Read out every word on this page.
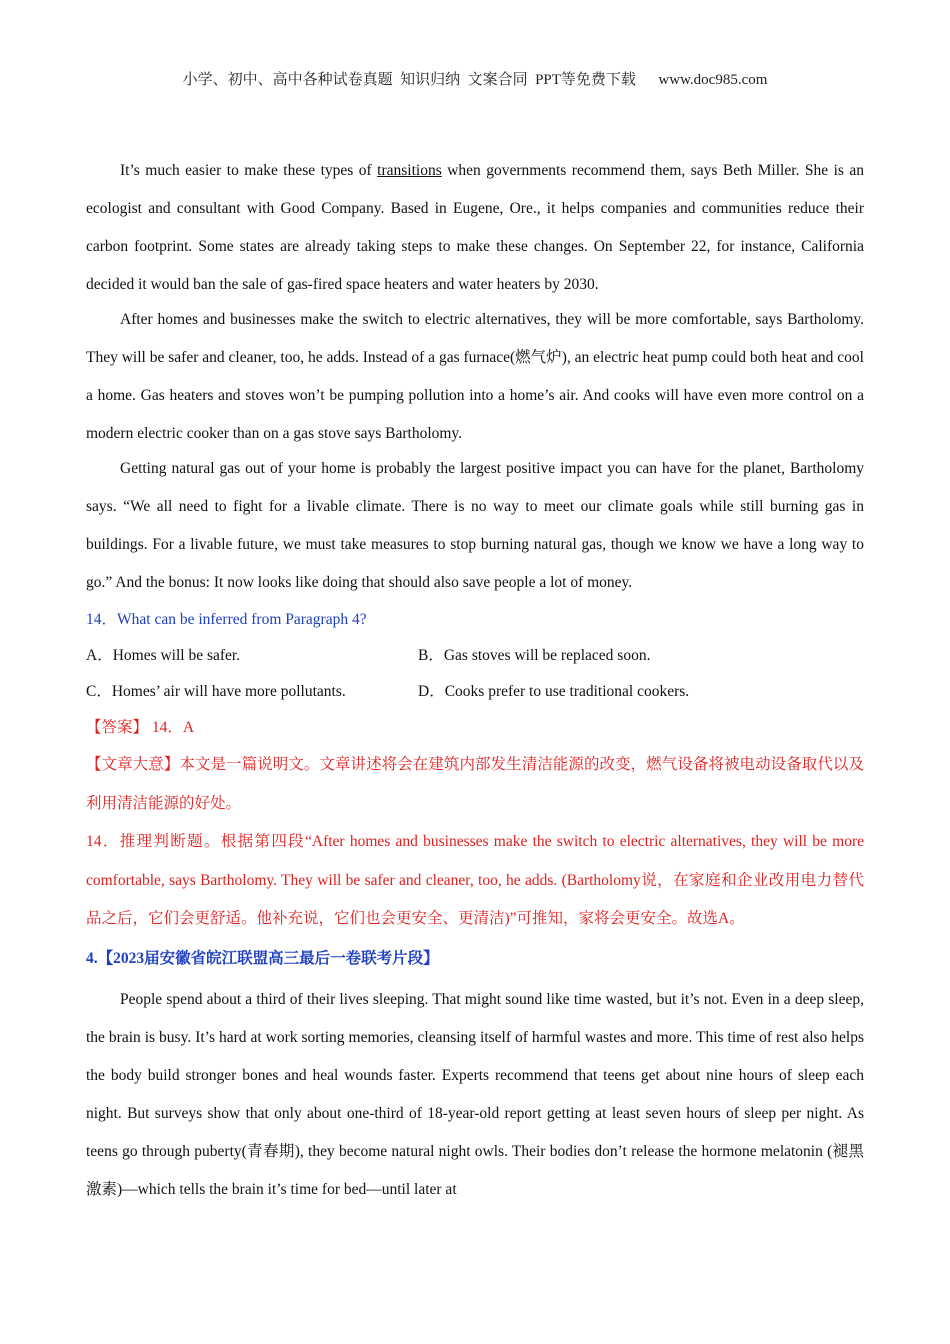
小学、初中、高中各种试卷真题  知识归纳  文案合同  PPT等免费下载      www.doc985.com

It’s much easier to make these types of transitions when governments recommend them, says Beth Miller. She is an ecologist and consultant with Good Company. Based in Eugene, Ore., it helps companies and communities reduce their carbon footprint. Some states are already taking steps to make these changes. On September 22, for instance, California decided it would ban the sale of gas-fired space heaters and water heaters by 2030.

After homes and businesses make the switch to electric alternatives, they will be more comfortable, says Bartholomy. They will be safer and cleaner, too, he adds. Instead of a gas furnace(燃气炉), an electric heat pump could both heat and cool a home. Gas heaters and stoves won’t be pumping pollution into a home’s air. And cooks will have even more control on a modern electric cooker than on a gas stove says Bartholomy.

Getting natural gas out of your home is probably the largest positive impact you can have for the planet, Bartholomy says. “We all need to fight for a livable climate. There is no way to meet our climate goals while still burning gas in buildings. For a livable future, we must take measures to stop burning natural gas, though we know we have a long way to go.” And the bonus: It now looks like doing that should also save people a lot of money.

14．What can be inferred from Paragraph 4?

A．Homes will be safer.	B．Gas stoves will be replaced soon.
C．Homes’ air will have more pollutants.	D．Cooks prefer to use traditional cookers.

【答案】 14．A

【文章大意】本文是一篇说明文。文章讲述将会在建筑内部发生清洁能源的改变，燃气设备将被电动设备取代以及利用清洁能源的好处。

14．推理判断题。根据第四段“After homes and businesses make the switch to electric alternatives, they will be more comfortable, says Bartholomy. They will be safer and cleaner, too, he adds. (Bartholomy说，在家庭和企业改用电力替代品之后，它们会更舒适。他补充说，它们也会更安全、更清洁)”可推知，家将会更安全。故选A。

4.【2023届安徽省皖江联盟高三最后一卷联考片段】

People spend about a third of their lives sleeping. That might sound like time wasted, but it’s not. Even in a deep sleep, the brain is busy. It’s hard at work sorting memories, cleansing itself of harmful wastes and more. This time of rest also helps the body build stronger bones and heal wounds faster. Experts recommend that teens get about nine hours of sleep each night. But surveys show that only about one-third of 18-year-old report getting at least seven hours of sleep per night. As teens go through puberty(青春期), they become natural night owls. Their bodies don’t release the hormone melatonin (褪黑激素)—which tells the brain it’s time for bed—until later at
